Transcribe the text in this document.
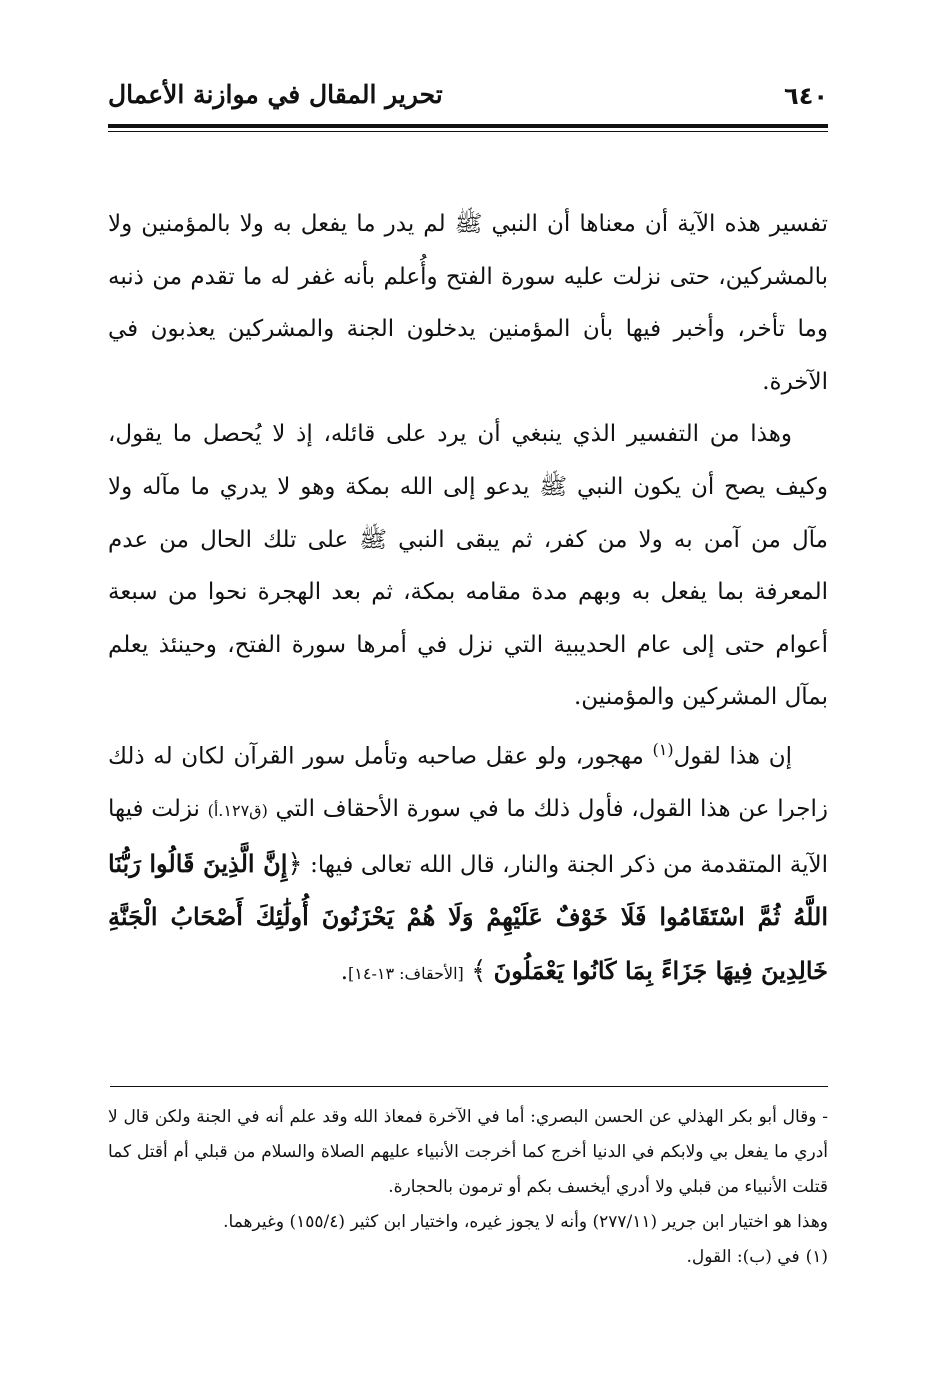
٦٤٠
تحرير المقال في موازنة الأعمال

تفسير هذه الآية أن معناها أن النبي ﷺ لم يدر ما يفعل به ولا بالمؤمنين ولا بالمشركين، حتى نزلت عليه سورة الفتح وأُعلم بأنه غفر له ما تقدم من ذنبه وما تأخر، وأخبر فيها بأن المؤمنين يدخلون الجنة والمشركين يعذبون في الآخرة.

وهذا من التفسير الذي ينبغي أن يرد على قائله، إذ لا يُحصل ما يقول، وكيف يصح أن يكون النبي ﷺ يدعو إلى الله بمكة وهو لا يدري ما مآله ولا مآل من آمن به ولا من كفر، ثم يبقى النبي ﷺ على تلك الحال من عدم المعرفة بما يفعل به وبهم مدة مقامه بمكة، ثم بعد الهجرة نحوا من سبعة أعوام حتى إلى عام الحديبية التي نزل في أمرها سورة الفتح، وحينئذ يعلم بمآل المشركين والمؤمنين.

إن هذا لقول$^{(١)}$ مهجور، ولو عقل صاحبه وتأمل سور القرآن لكان له ذلك زاجرا عن هذا القول، فأول ذلك ما في سورة الأحقاف التي (ق١٢٧.أ) نزلت فيها الآية المتقدمة من ذكر الجنة والنار، قال الله تعالى فيها: ﴿إِنَّ الَّذِينَ قَالُوا رَبُّنَا اللَّهُ ثُمَّ اسْتَقَامُوا فَلَا خَوْفٌ عَلَيْهِمْ وَلَا هُمْ يَحْزَنُونَ أُولَٰئِكَ أَصْحَابُ الْجَنَّةِ خَالِدِينَ فِيهَا جَزَاءً بِمَا كَانُوا يَعْمَلُونَ ﴾ [الأحقاف: ١٣-١٤].

- وقال أبو بكر الهذلي عن الحسن البصري: أما في الآخرة فمعاذ الله وقد علم أنه في الجنة ولكن قال لا أدري ما يفعل بي ولابكم في الدنيا أخرج كما أخرجت الأنبياء عليهم الصلاة والسلام من قبلي أم أقتل كما قتلت الأنبياء من قبلي ولا أدري أيخسف بكم أو ترمون بالحجارة.

وهذا هو اختيار ابن جرير (٢٧٧/١١) وأنه لا يجوز غيره، واختيار ابن كثير (١٥٥/٤) وغيرهما.

(١)في (ب): القول.
